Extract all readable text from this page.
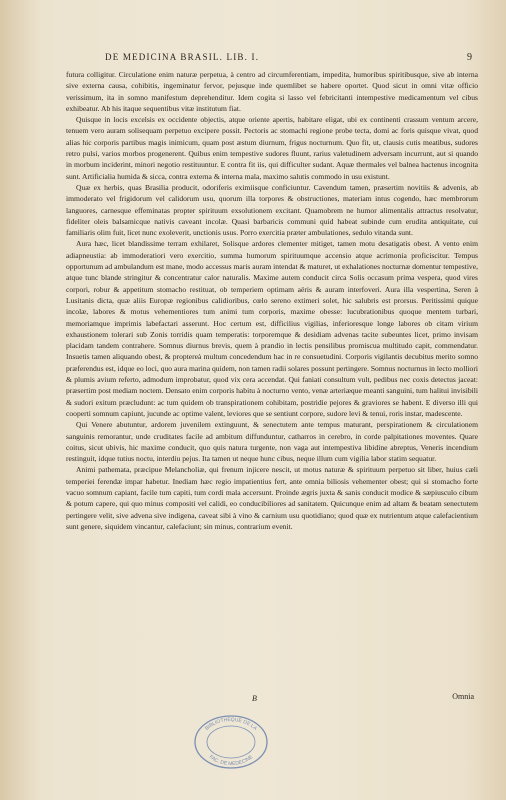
DE MEDICINA BRASIL. LIB. I.	9

futura colligitur. Circulatione enim naturæ perpetua, à centro ad circumferentiam, impedita, humoribus spiritibusque, sive ab interna sive externa causa, cohibitis, ingeminatur fervor, pejusque inde quemlibet se habere oportet. Quod sicut in omni vitæ officio verissimum, ita in somno manifestum deprehenditur. Idem cogita si lasso vel febricitanti intempestive medicamentum vel cibus exhibeatur. Ab his itaque sequentibus vitæ institutum fiat.

Quisque in locis excelsis ex occidente objectis, atque oriente apertis, habitare eligat, ubi ex continenti crassum ventum arcere, tenuem vero auram solisequam perpetuo excipere possit. Pectoris ac stomachi regione probe tecta, domi ac foris quisque vivat, quod alias hic corporis partibus magis inimicum, quam post æstum diurnum, frigus nocturnum. Quo fit, ut, clausis cutis meatibus, sudores retro pulsi, varios morbos progenerent. Quibus enim tempestive sudores fluunt, rarius valetudinem adversam incurrunt, aut si quando in morbum inciderint, minori negotio restituuntur. E contra fit iis, qui difficulter sudant. Aquæ thermales vel balnea hactenus incognita sunt. Artificialia humida & sicca, contra externa & interna mala, maximo salutis commodo in usu existunt.

Quæ ex herbis, quas Brasilia producit, odoriferis eximiisque conficiuntur. Cavendum tamen, præsertim novitiis & advenis, ab immoderato vel frigidorum vel calidorum usu, quorum illa torpores & obstructiones, materiam intus cogendo, hæc membrorum languores, carnesque effeminatas propter spirituum exsolutionem excitant. Quamobrem ne humor alimentalis attractus resolvatur, fideliter oleis balsamicque nativis caveant incolæ. Quasi barbaricis communi quid habeat subinde cum erudita antiquitate, cui familiaris olim fuit, licet nunc exoleverit, unctionis usus. Porro exercitia præter ambulationes, sedulo vitanda sunt.

Aura hæc, licet blandissime terram exhilaret, Solisque ardores clementer mitiget, tamen motu desatigatis obest. A vento enim adiapneustia: ab immoderatiori vero exercitio, summa humorum spirituumque accensio atque acrimonia proficiscitur. Tempus opportunum ad ambulandum est mane, modo accessus maris auram intendat & maturet, ut exhalationes nocturnæ domentur tempestive, atque tunc blande stringitur & concentratur calor naturalis. Maxime autem conducit circa Solis occasum prima vespera, quod vires corpori, robur & appetitum stomacho restituat, ob temperiem optimam aëris & auram interfoveri. Aura illa vespertina, Seren à Lusitanis dicta, quæ aliis Europæ regionibus calidioribus, cœlo sereno extimeri solet, hic salubris est prorsus. Peritissimi quique incolæ, labores & motus vehementiores tum animi tum corporis, maxime obesse: lucubrationibus quoque mentem turbari, memoriamque imprimis labefactari asserunt. Hoc certum est, difficilius vigilias, inferioresque longe labores ob citam virium exhaustionem tolerari sub Zonis torridis quam temperatis: torporemque & desidiam advenas tacite subeuntes licet, primo invisam placidam tandem contrahere. Somnus diurnus brevis, quem à prandio in lectis pensilibus promiscua multitudo capit, commendatur. Insuetis tamen aliquando obest, & proptereà multum concedendum hac in re consuetudini. Corporis vigilantis decubitus merito somno præferendus est, idque eo loci, quo aura marina quidem, non tamen radii solares possunt pertingere. Somnus nocturnus in lecto molliori & plumis avium referto, admodum improbatur, quod vix cera accendat. Qui faniati consultum vult, pedibus nec coxis detectus jaceat: præsertim post mediam noctem. Densato enim corporis habitu à nocturno vento, venæ arteriæque meanti sanguini, tum halitui invisibili & sudori exitum præcludunt: ac tum quidem ob transpirationem cohibitam, postridie pejores & graviores se habent. E diverso illi qui cooperti somnum capiunt, jucunde ac optime valent, leviores que se sentiunt corpore, sudore levi & tenui, roris instar, madescente.

Qui Venere abutuntur, ardorem juvenilem extinguunt, & senectutem ante tempus maturant, perspirationem & circulationem sanguinis remorantur, unde cruditates facile ad ambitum diffunduntur, catharros in cerebro, in corde palpitationes moventes. Quare coitus, sicut ubivis, hic maxime conducit, quo quis natura turgente, non vaga aut intempestiva libidine abreptus, Veneris incendium restinguit, idque tutius noctu, interdiu pejus. Ita tamen ut neque hunc cibus, neque illum cum vigilia labor statim sequatur.

Animi pathemata, præcipue Melancholiæ, qui frenum injicere nescit, ut motus naturæ & spirituum perpetuo sit liber, huius cæli temperiei ferendæ impar habetur. Inediam hæc regio impatientius fert, ante omnia biliosis vehementer obest; qui si stomacho forte vacuo somnum capiant, facile tum capiti, tum cordi mala accersunt. Proinde ægris juxta & sanis conducit modice & sæpiusculo cibum & potum capere, qui quo minus compositi vel calidi, eo conducibiliores ad sanitatem. Quicunque enim ad altam & beatam senectutem pertingere velit, sive advena sive indigena, caveat sibi à vino & carnium usu quotidiano; quod quæ ex nutrientum atque calefacientium sunt genere, siquidem vincantur, calefaciunt; sin minus, contrarium evenit.

B	Omnia
BIBLIOTHEQUE DE LA
FAC. DE MEDECINE
